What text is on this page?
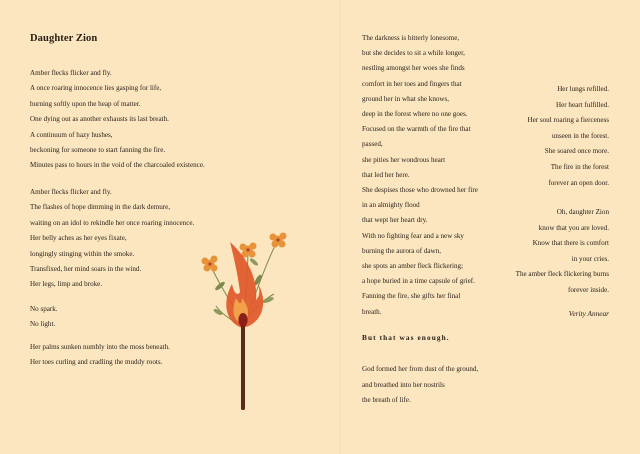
Daughter Zion
Amber flecks flicker and fly.
A once roaring innocence lies gasping for life,
burning softly upon the heap of matter.
One dying out as another exhausts its last breath.
A continuum of hazy hushes,
beckoning for someone to start fanning the fire.
Minutes pass to hours in the void of the charcoaled existence.
Amber flecks flicker and fly.
The flashes of hope dimming in the dark demure,
waiting on an idol to rekindle her once roaring innocence.
Her belly aches as her eyes fixate,
longingly stinging within the smoke.
Transfixed, her mind soars in the wind.
Her legs, limp and broke.
No spark.
No light.
Her palms sunken numbly into the moss beneath.
Her toes curling and cradling the muddy roots.
The darkness is bitterly lonesome,
but she decides to sit a while longer,
nestling amongst her woes she finds
comfort in her toes and fingers that
ground her in what she knows,
deep in the forest where no one goes.
Focused on the warmth of the fire that
passed,
she pities her wondrous heart
that led her here.
She despises those who drowned her fire
in an almighty flood
that wept her heart dry.
With no fighting fear and a new sky
burning the aurora of dawn,
she spots an amber fleck flickering;
a hope buried in a time capsule of grief.
Fanning the fire, she gifts her final
breath.
But that was enough.
God formed her from dust of the ground,
and breathed into her nostrils
the breath of life.
Her lungs refilled.
Her heart fulfilled.
Her soul roaring a fierceness
unseen in the forest.
She soared once more.
The fire in the forest
forever an open door.
Oh, daughter Zion
know that you are loved.
Know that there is comfort
in your cries.
The amber fleck flickering burns
forever inside.
Verity Annear
